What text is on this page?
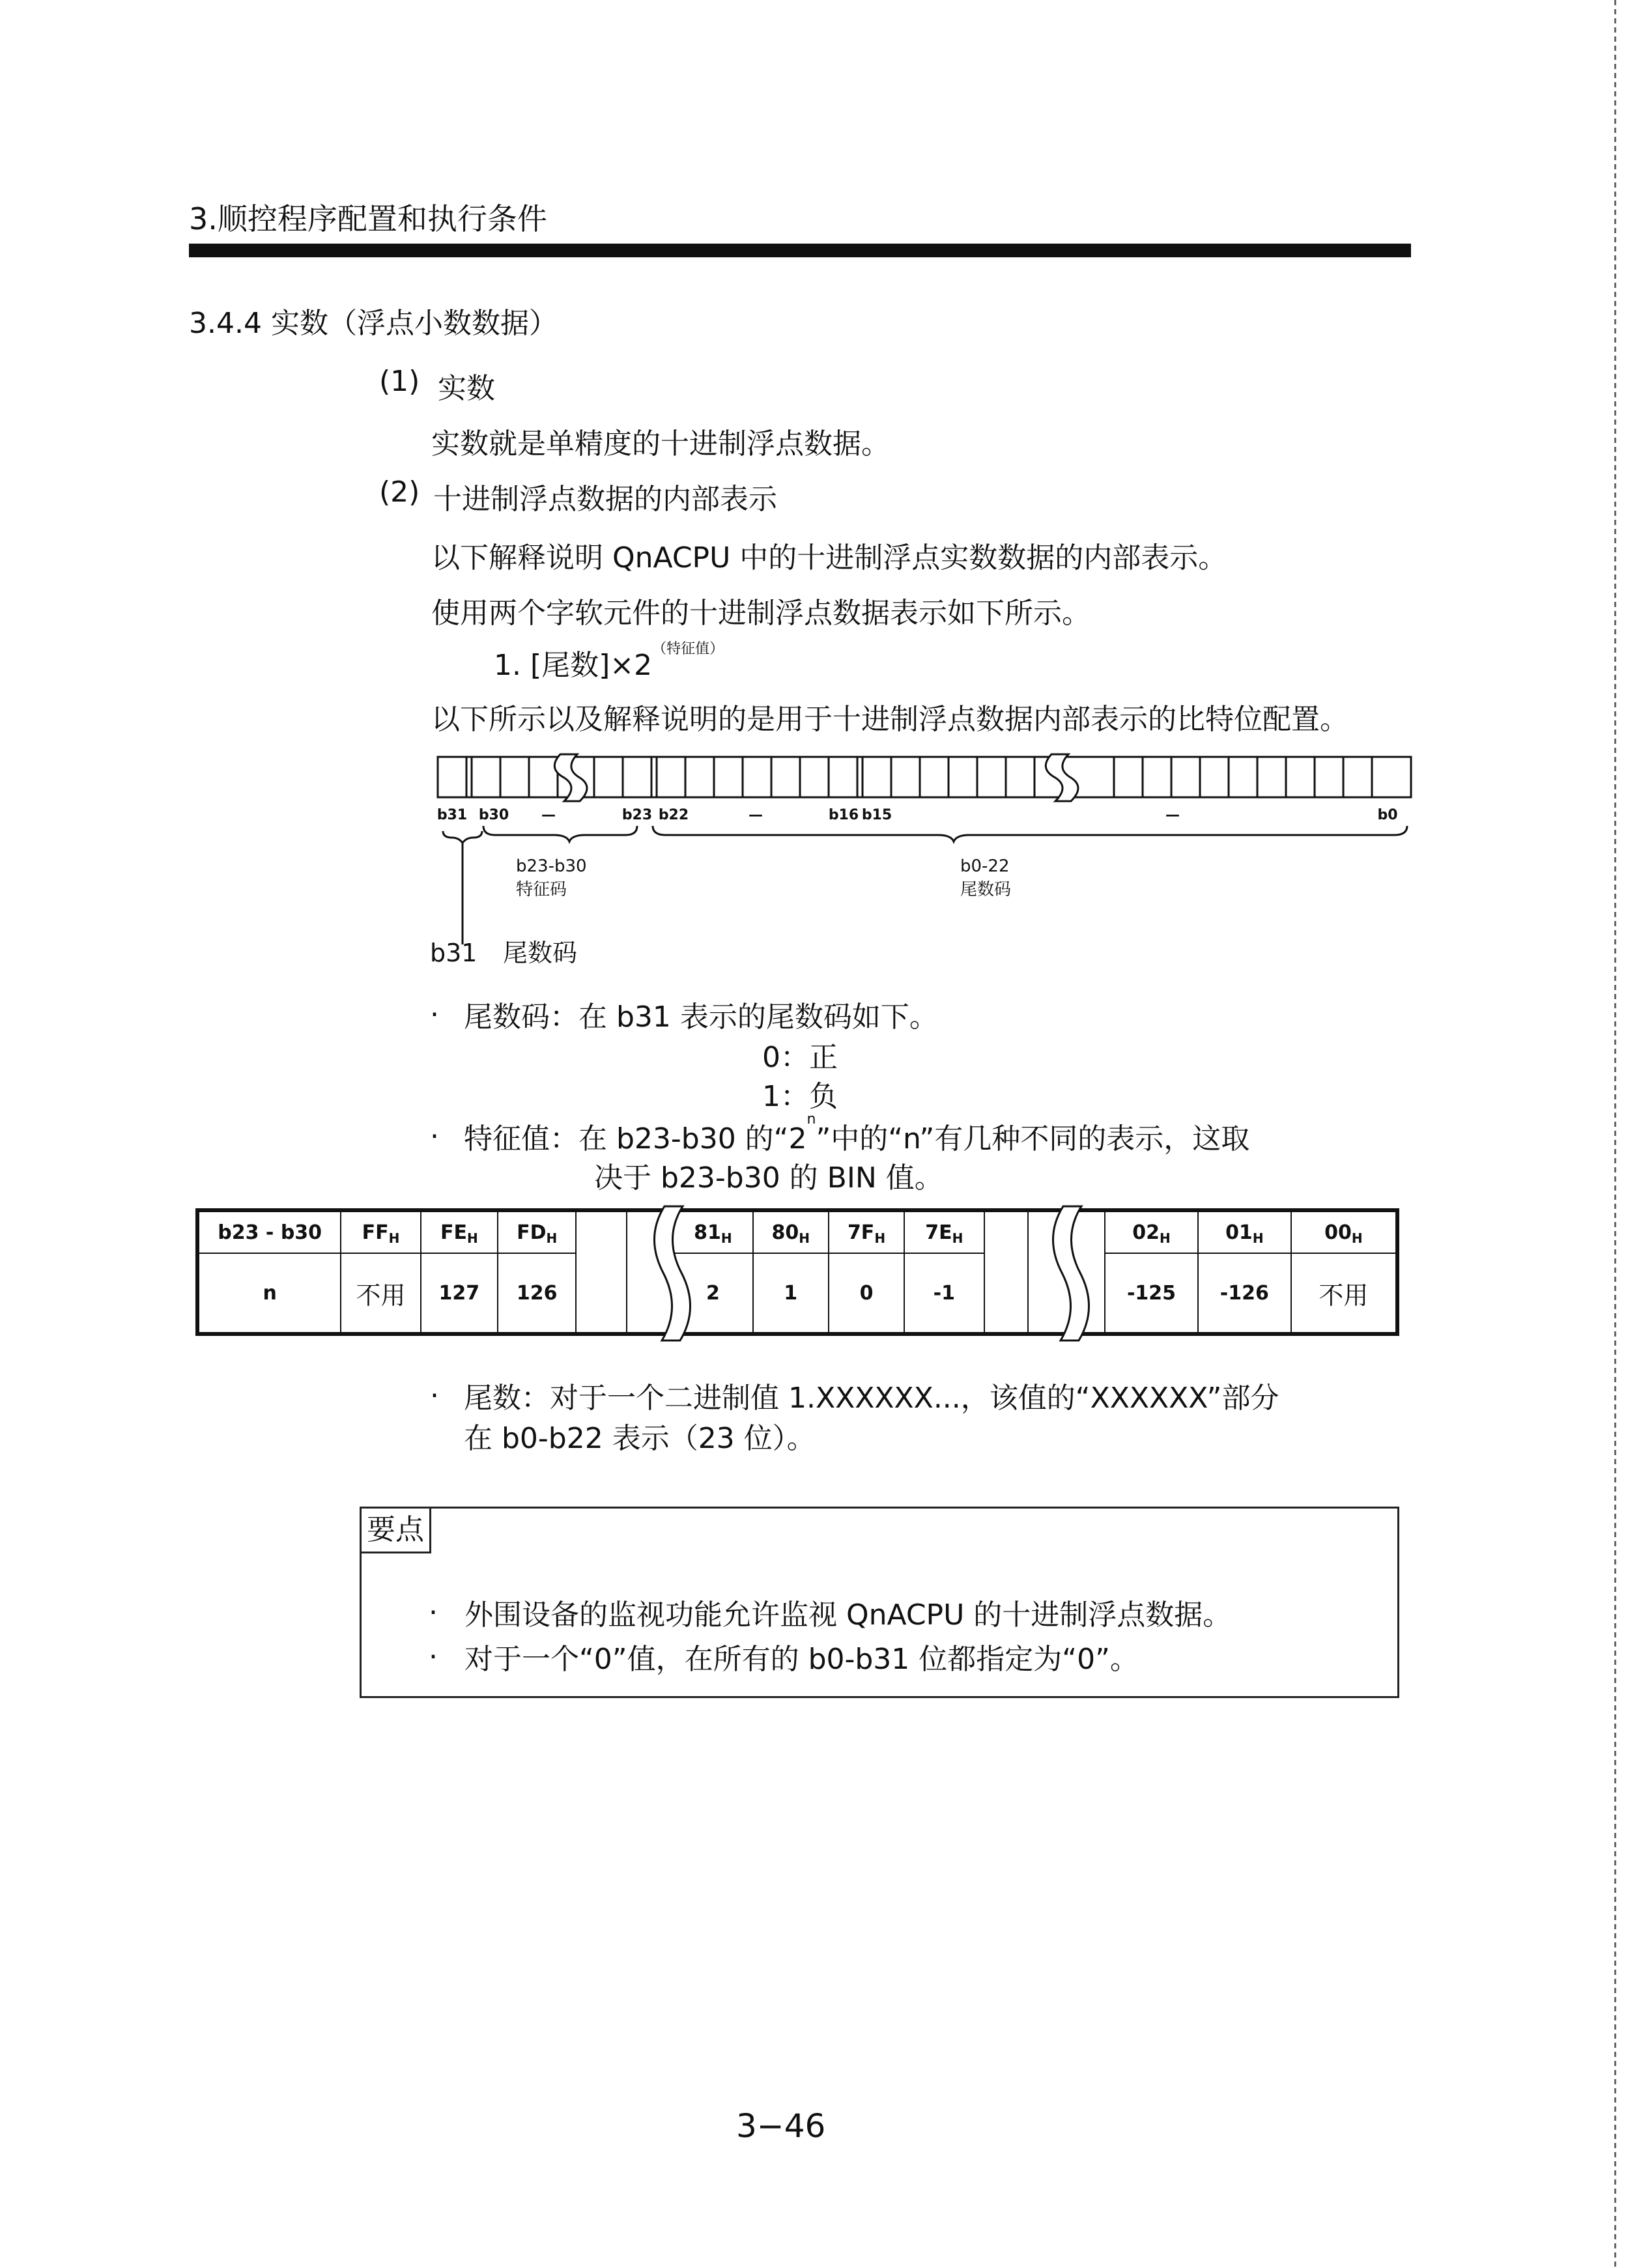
3.顺控程序配置和执行条件
3.4.4 实数（浮点小数数据）
(1) 实数
实数就是单精度的十进制浮点数据。
(2) 十进制浮点数据的内部表示
以下解释说明 QnACPU 中的十进制浮点实数数据的内部表示。
使用两个字软元件的十进制浮点数据表示如下所示。
1. [尾数]$\times 2^{(特征值)}$
以下所示以及解释说明的是用于十进制浮点数据内部表示的比特位配置。
b31 b30 —	b23 b22	—	b16 b15	—	b0
b23-b30
特征码
b0-22
尾数码
b31 尾数码
. 尾数码：在 b31 表示的尾数码如下。
0：正
1：负
. 特征值：在 b23-b30 的“2$^n$”中的“n”有几种不同的表示，这取
决于 b23-b30 的 BIN 值。
b23 - b30	$FF_H$	$FE_H$	$FD_H$			$81_H$	$80_H$	$7F_H$	$7E_H$			$02_H$	$01_H$	$00_H$
n	不用	127	126			2	1	0	-1			-125	-126	不用
. 尾数：对于一个二进制值 1.XXXXXX...，该值的“XXXXXX”部分
在 b0-b22 表示（23 位）。
要点
. 外围设备的监视功能允许监视 QnACPU 的十进制浮点数据。
. 对于一个“0”值，在所有的 b0-b31 位都指定为“0”。
3−46
